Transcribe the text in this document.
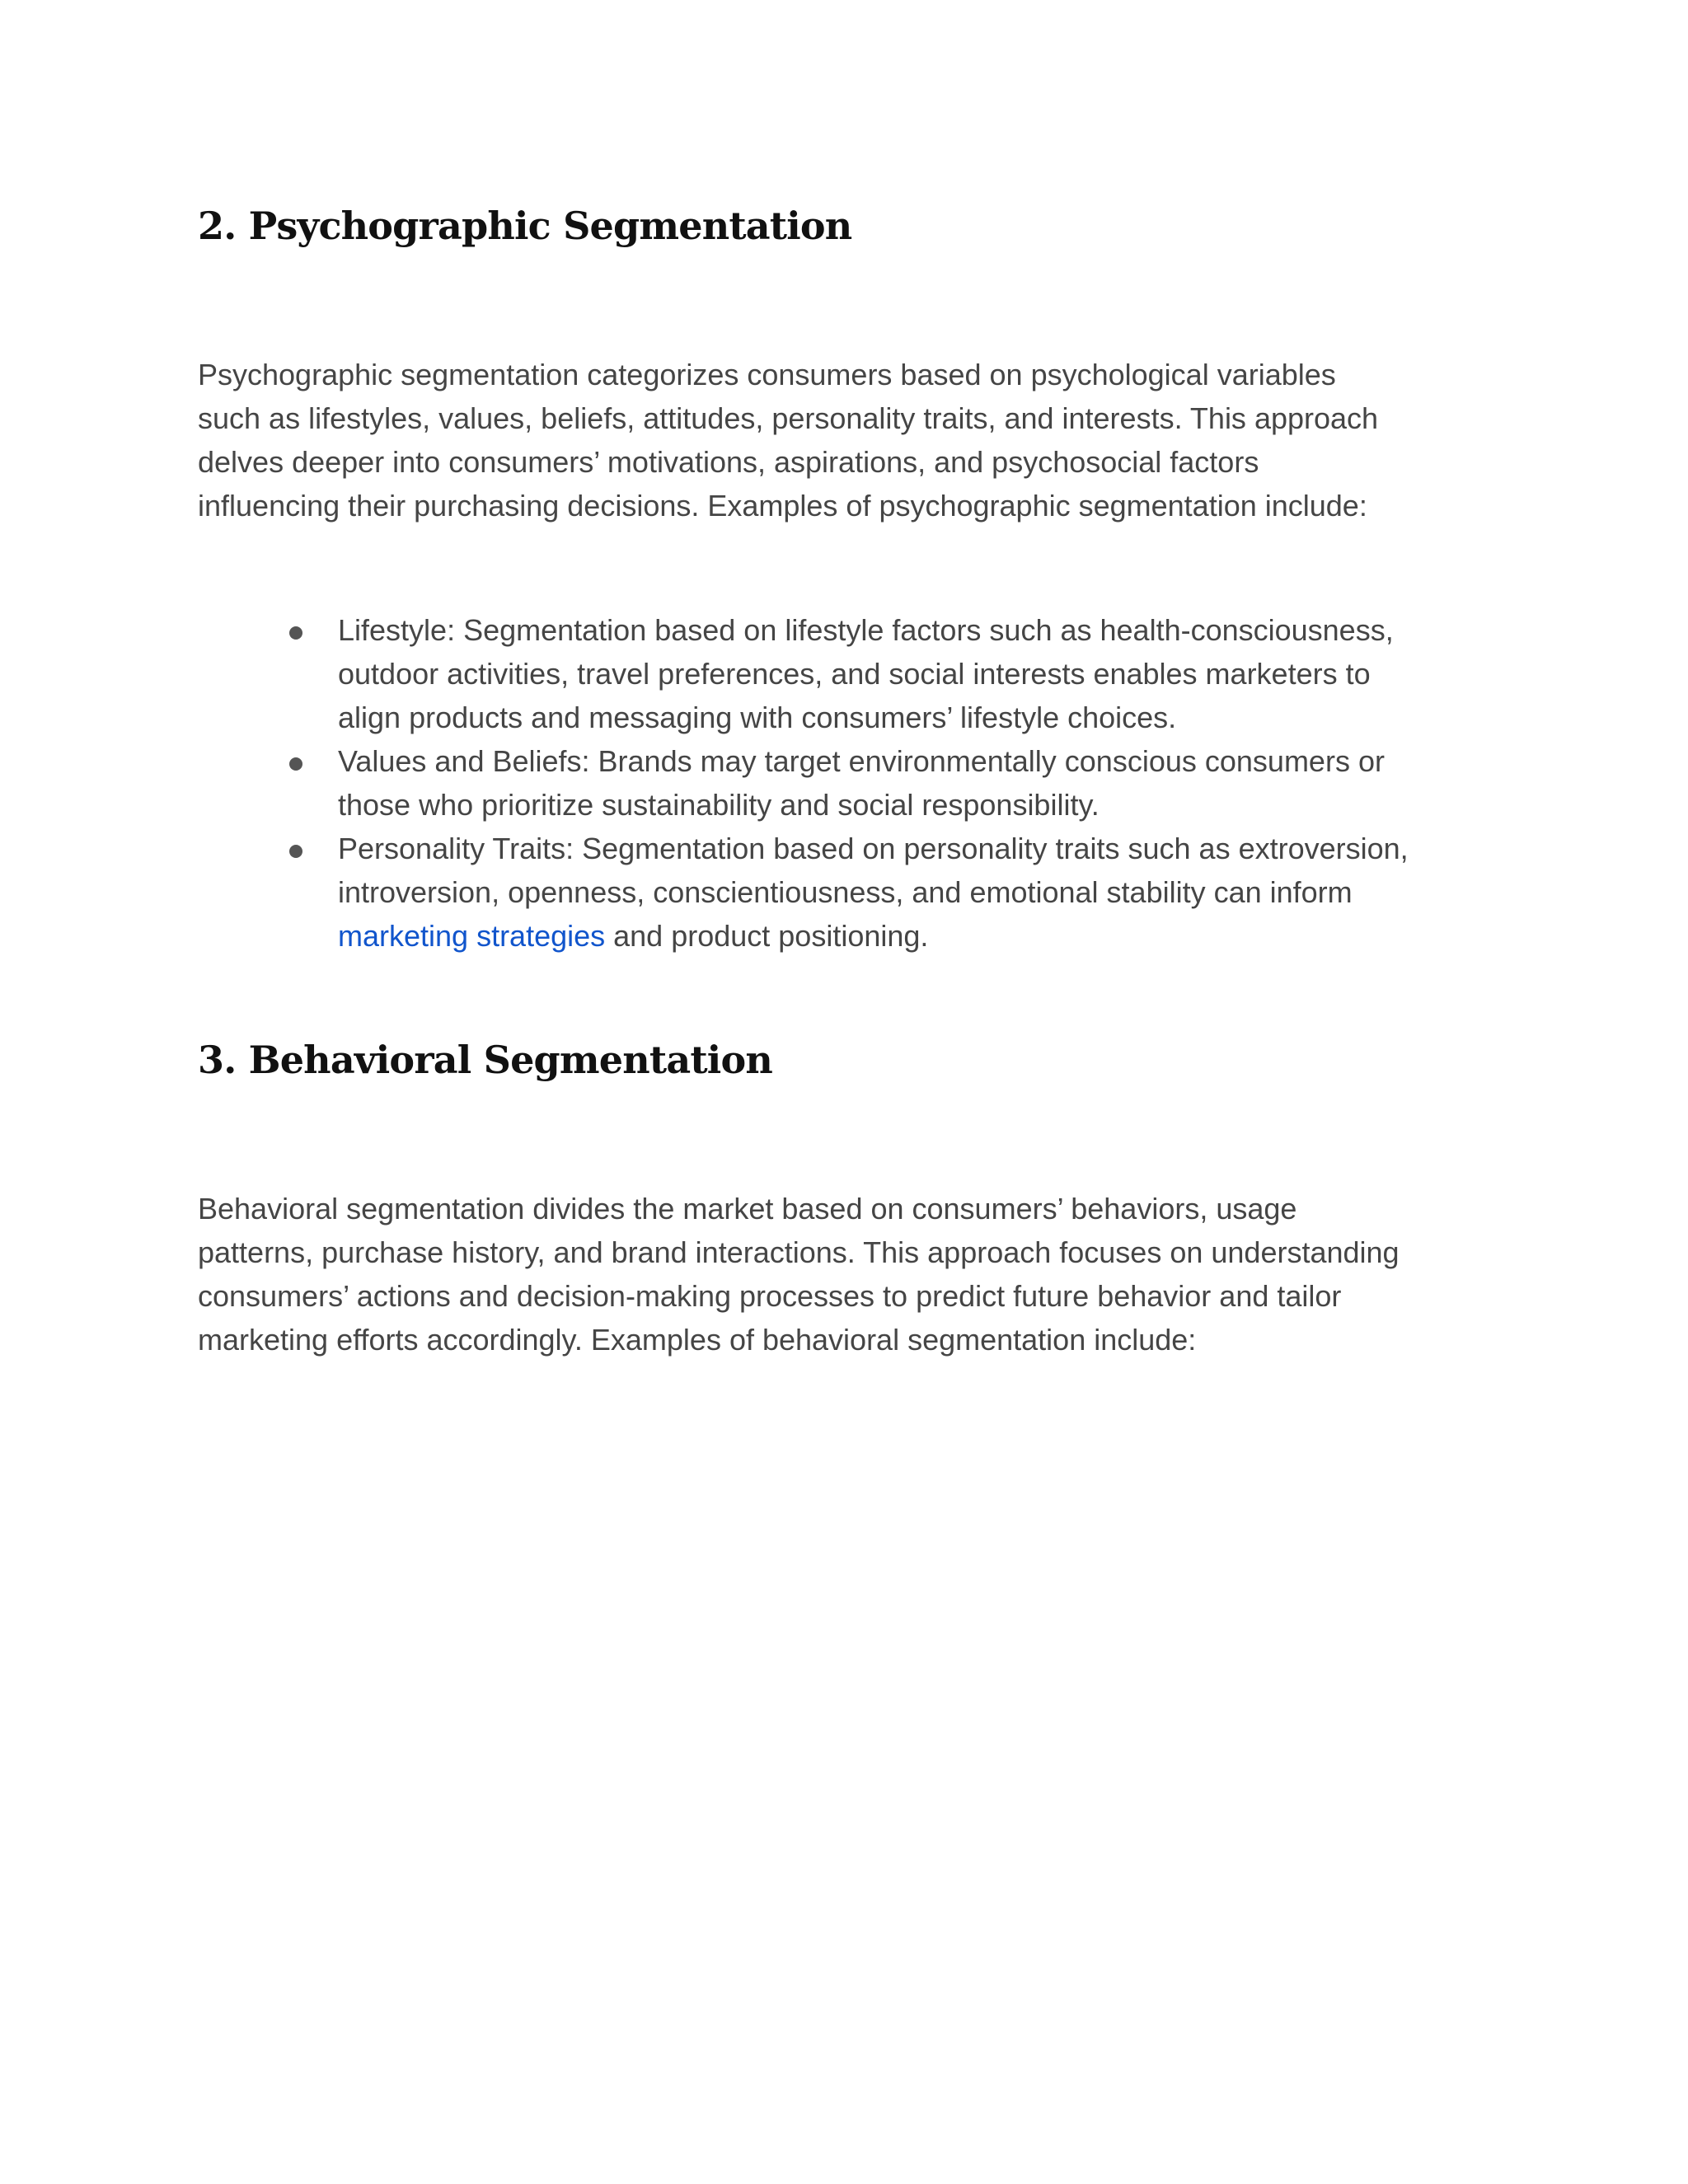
2. Psychographic Segmentation

Psychographic segmentation categorizes consumers based on psychological variables
such as lifestyles, values, beliefs, attitudes, personality traits, and interests. This approach
delves deeper into consumers’ motivations, aspirations, and psychosocial factors
influencing their purchasing decisions. Examples of psychographic segmentation include:

Lifestyle: Segmentation based on lifestyle factors such as health-consciousness,
outdoor activities, travel preferences, and social interests enables marketers to
align products and messaging with consumers’ lifestyle choices.
Values and Beliefs: Brands may target environmentally conscious consumers or
those who prioritize sustainability and social responsibility.
Personality Traits: Segmentation based on personality traits such as extroversion,
introversion, openness, conscientiousness, and emotional stability can inform
marketing strategies and product positioning.
3. Behavioral Segmentation

Behavioral segmentation divides the market based on consumers’ behaviors, usage
patterns, purchase history, and brand interactions. This approach focuses on understanding
consumers’ actions and decision-making processes to predict future behavior and tailor
marketing efforts accordingly. Examples of behavioral segmentation include:
